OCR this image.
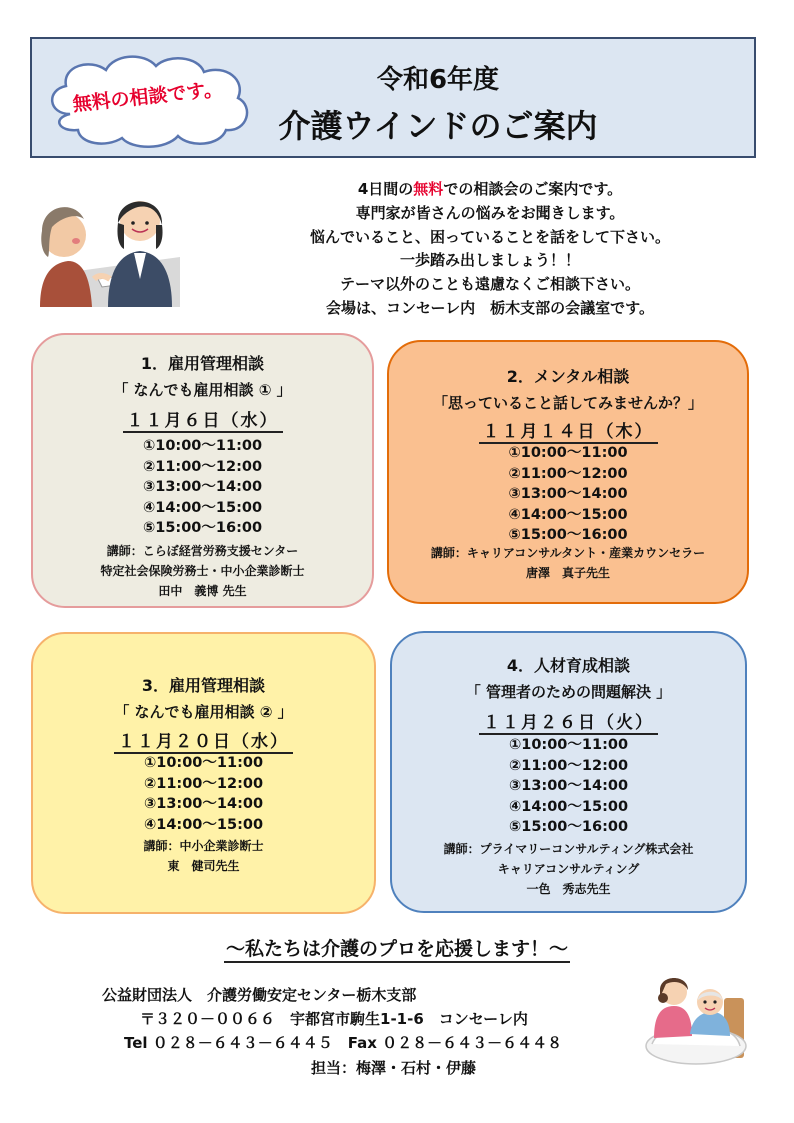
令和6年度
介護ウインドのご案内
無料の相談です。
4日間の無料での相談会のご案内です。
専門家が皆さんの悩みをお聞きします。
悩んでいること、困っていることを話をして下さい。
一歩踏み出しましょう！！
テーマ以外のことも遠慮なくご相談下さい。
会場は、コンセーレ内　栃木支部の会議室です。
1．雇用管理相談
「 なんでも雇用相談 ① 」
１１月６日（水）
①10:00～11:00
②11:00～12:00
③13:00～14:00
④14:00～15:00
⑤15:00～16:00
講師：こらぼ経営労務支援センター
特定社会保険労務士・中小企業診断士
田中　義博 先生
2．メンタル相談
「思っていること話してみませんか？」
１１月１４日（木）
①10:00～11:00
②11:00～12:00
③13:00～14:00
④14:00～15:00
⑤15:00～16:00
講師：キャリアコンサルタント・産業カウンセラー
唐澤　真子先生
3．雇用管理相談
「 なんでも雇用相談 ② 」
１１月２０日（水）
①10:00～11:00
②11:00～12:00
③13:00～14:00
④14:00～15:00
講師：中小企業診断士
東　健司先生
4．人材育成相談
「 管理者のための問題解決 」
１１月２６日（火）
①10:00～11:00
②11:00～12:00
③13:00～14:00
④14:00～15:00
⑤15:00～16:00
講師：プライマリーコンサルティング株式会社
キャリアコンサルティング
一色　秀志先生
～私たちは介護のプロを応援します！～
公益財団法人　介護労働安定センター栃木支部
〒３２０－００６６　宇都宮市駒生1-1-6　コンセーレ内
Tel ０２８－６４３－６４４５　Fax ０２８－６４３－６４４８
担当：梅澤・石村・伊藤
